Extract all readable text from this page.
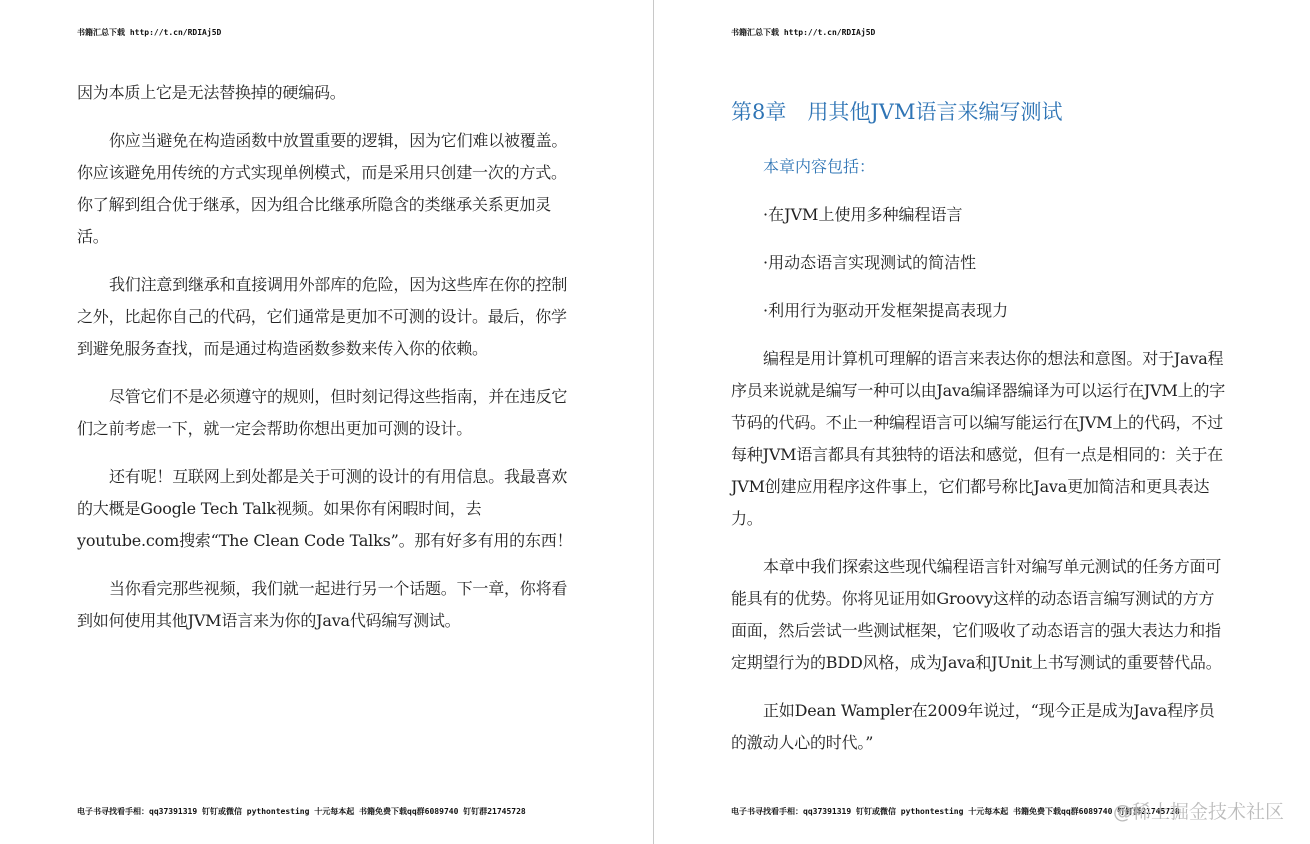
书籍汇总下载 http://t.cn/RDIAj5D

因为本质上它是无法替换掉的硬编码。

你应当避免在构造函数中放置重要的逻辑，因为它们难以被覆盖。你应该避免用传统的方式实现单例模式，而是采用只创建一次的方式。你了解到组合优于继承，因为组合比继承所隐含的类继承关系更加灵活。

我们注意到继承和直接调用外部库的危险，因为这些库在你的控制之外，比起你自己的代码，它们通常是更加不可测的设计。最后，你学到避免服务查找，而是通过构造函数参数来传入你的依赖。

尽管它们不是必须遵守的规则，但时刻记得这些指南，并在违反它们之前考虑一下，就一定会帮助你想出更加可测的设计。

还有呢！互联网上到处都是关于可测的设计的有用信息。我最喜欢的大概是Google Tech Talk视频。如果你有闲暇时间，去youtube.com搜索“The Clean Code Talks”。那有好多有用的东西！

当你看完那些视频，我们就一起进行另一个话题。下一章，你将看到如何使用其他JVM语言来为你的Java代码编写测试。

电子书寻找看手相：qq37391319 钉钉或微信 pythontesting 十元每本起 书籍免费下载qq群6089740 钉钉群21745728
书籍汇总下载 http://t.cn/RDIAj5D
第8章　用其他JVM语言来编写测试
本章内容包括：
·在JVM上使用多种编程语言
·用动态语言实现测试的简洁性
·利用行为驱动开发框架提高表现力

编程是用计算机可理解的语言来表达你的想法和意图。对于Java程序员来说就是编写一种可以由Java编译器编译为可以运行在JVM上的字节码的代码。不止一种编程语言可以编写能运行在JVM上的代码，不过每种JVM语言都具有其独特的语法和感觉，但有一点是相同的：关于在JVM创建应用程序这件事上，它们都号称比Java更加简洁和更具表达力。

本章中我们探索这些现代编程语言针对编写单元测试的任务方面可能具有的优势。你将见证用如Groovy这样的动态语言编写测试的方方面面，然后尝试一些测试框架，它们吸收了动态语言的强大表达力和指定期望行为的BDD风格，成为Java和JUnit上书写测试的重要替代品。

正如Dean Wampler在2009年说过，“现今正是成为Java程序员的激动人心的时代。”

电子书寻找看手相：qq37391319 钉钉或微信 pythontesting 十元每本起 书籍免费下载qq群6089740 钉钉群21745728
@稀土掘金技术社区
